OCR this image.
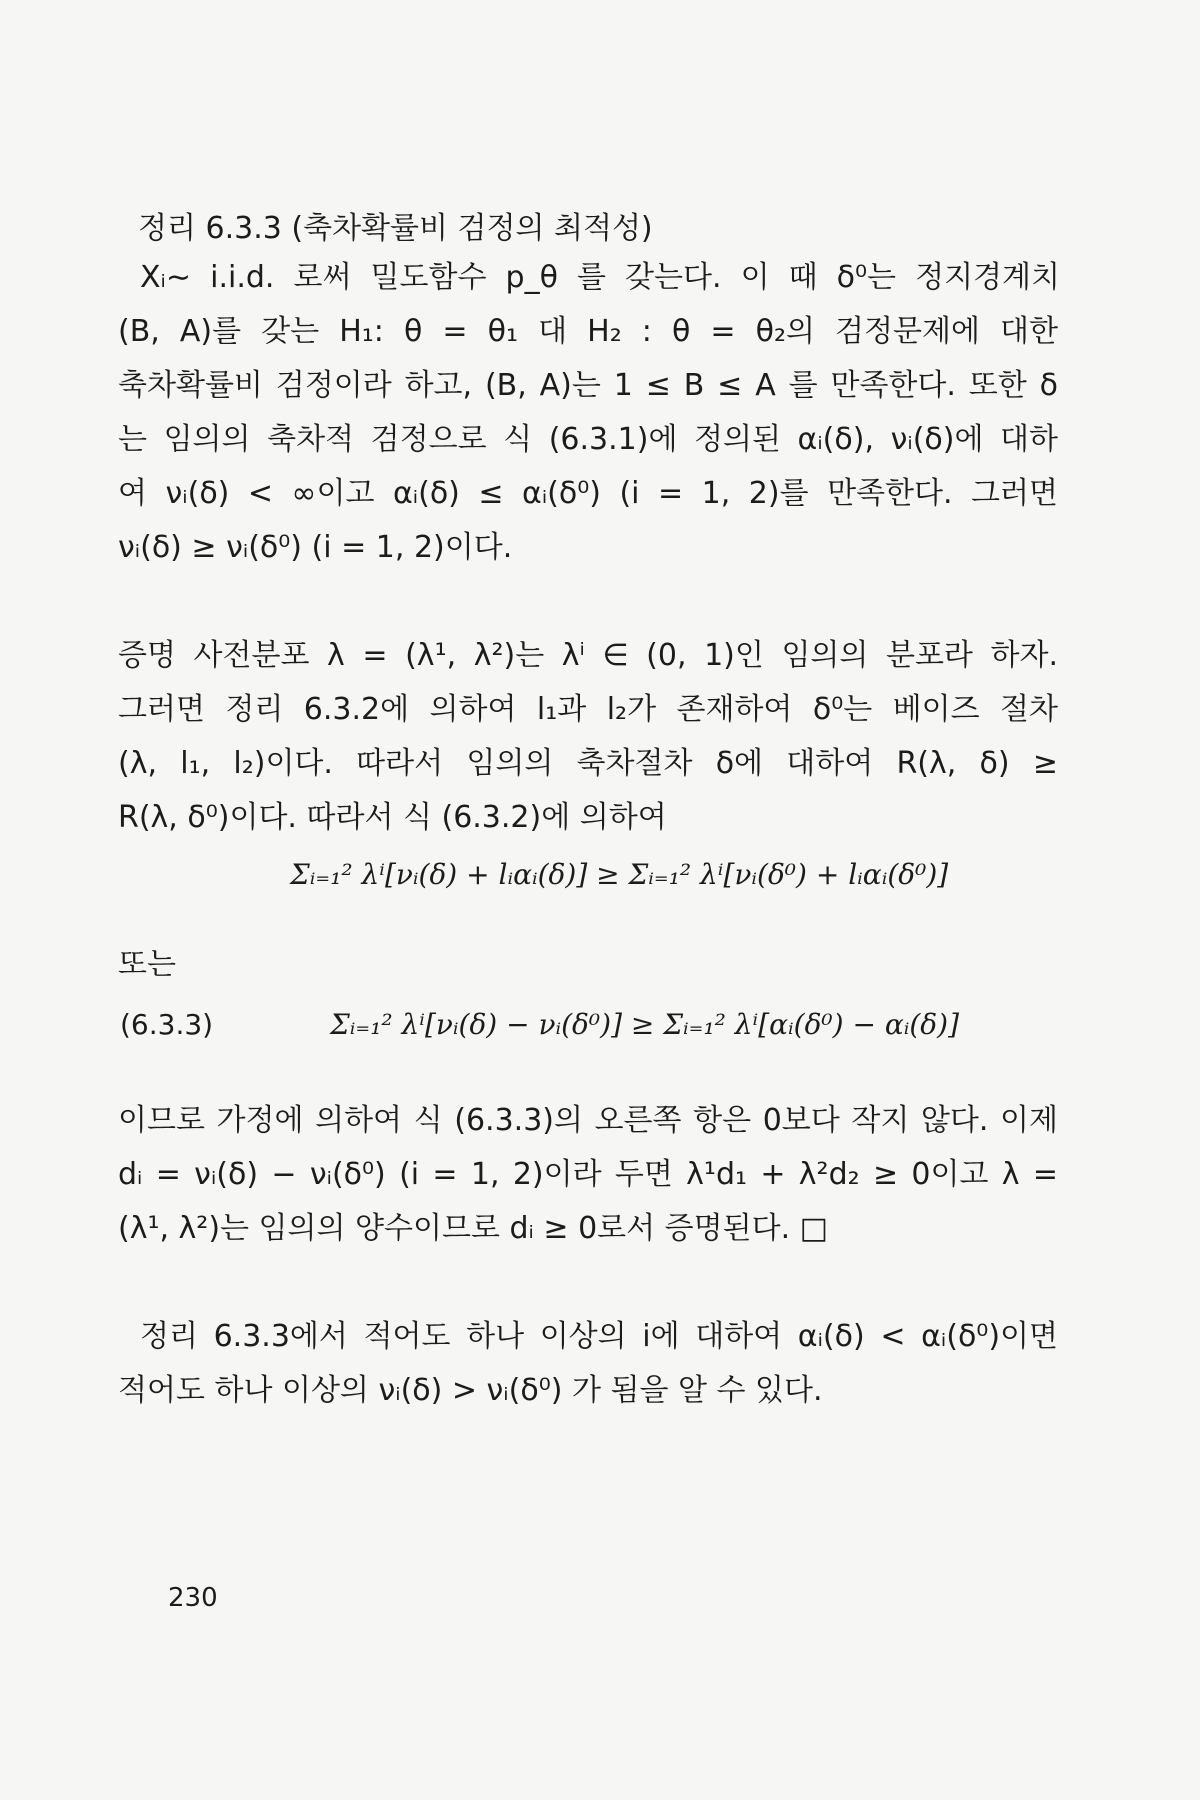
정리 6.3.3 (축차확률비 검정의 최적성)
Xᵢ∼ i.i.d. 로써 밀도함수 p_θ 를 갖는다. 이 때 δ⁰는 정지경계치
(B, A)를 갖는 H₁: θ = θ₁ 대 H₂ : θ = θ₂의 검정문제에 대한
축차확률비 검정이라 하고, (B, A)는 1 ≤ B ≤ A 를 만족한다. 또한 δ
는 임의의 축차적 검정으로 식 (6.3.1)에 정의된 αᵢ(δ), νᵢ(δ)에 대하
여 νᵢ(δ) < ∞이고 αᵢ(δ) ≤ αᵢ(δ⁰) (i = 1, 2)를 만족한다. 그러면
νᵢ(δ) ≥ νᵢ(δ⁰) (i = 1, 2)이다.
증명 사전분포 λ = (λ¹, λ²)는 λⁱ ∈ (0, 1)인 임의의 분포라 하자.
그러면 정리 6.3.2에 의하여 l₁과 l₂가 존재하여 δ⁰는 베이즈 절차
(λ, l₁, l₂)이다. 따라서 임의의 축차절차 δ에 대하여 R(λ, δ) ≥
R(λ, δ⁰)이다. 따라서 식 (6.3.2)에 의하여
Σᵢ₌₁² λⁱ[νᵢ(δ) + lᵢαᵢ(δ)] ≥ Σᵢ₌₁² λⁱ[νᵢ(δ⁰) + lᵢαᵢ(δ⁰)]
또는
(6.3.3)	Σᵢ₌₁² λⁱ[νᵢ(δ) − νᵢ(δ⁰)] ≥ Σᵢ₌₁² λⁱ[αᵢ(δ⁰) − αᵢ(δ)]
이므로 가정에 의하여 식 (6.3.3)의 오른쪽 항은 0보다 작지 않다. 이제
dᵢ = νᵢ(δ) − νᵢ(δ⁰) (i = 1, 2)이라 두면 λ¹d₁ + λ²d₂ ≥ 0이고 λ =
(λ¹, λ²)는 임의의 양수이므로 dᵢ ≥ 0로서 증명된다. □
정리 6.3.3에서 적어도 하나 이상의 i에 대하여 αᵢ(δ) < αᵢ(δ⁰)이면
적어도 하나 이상의 νᵢ(δ) > νᵢ(δ⁰) 가 됨을 알 수 있다.
230
